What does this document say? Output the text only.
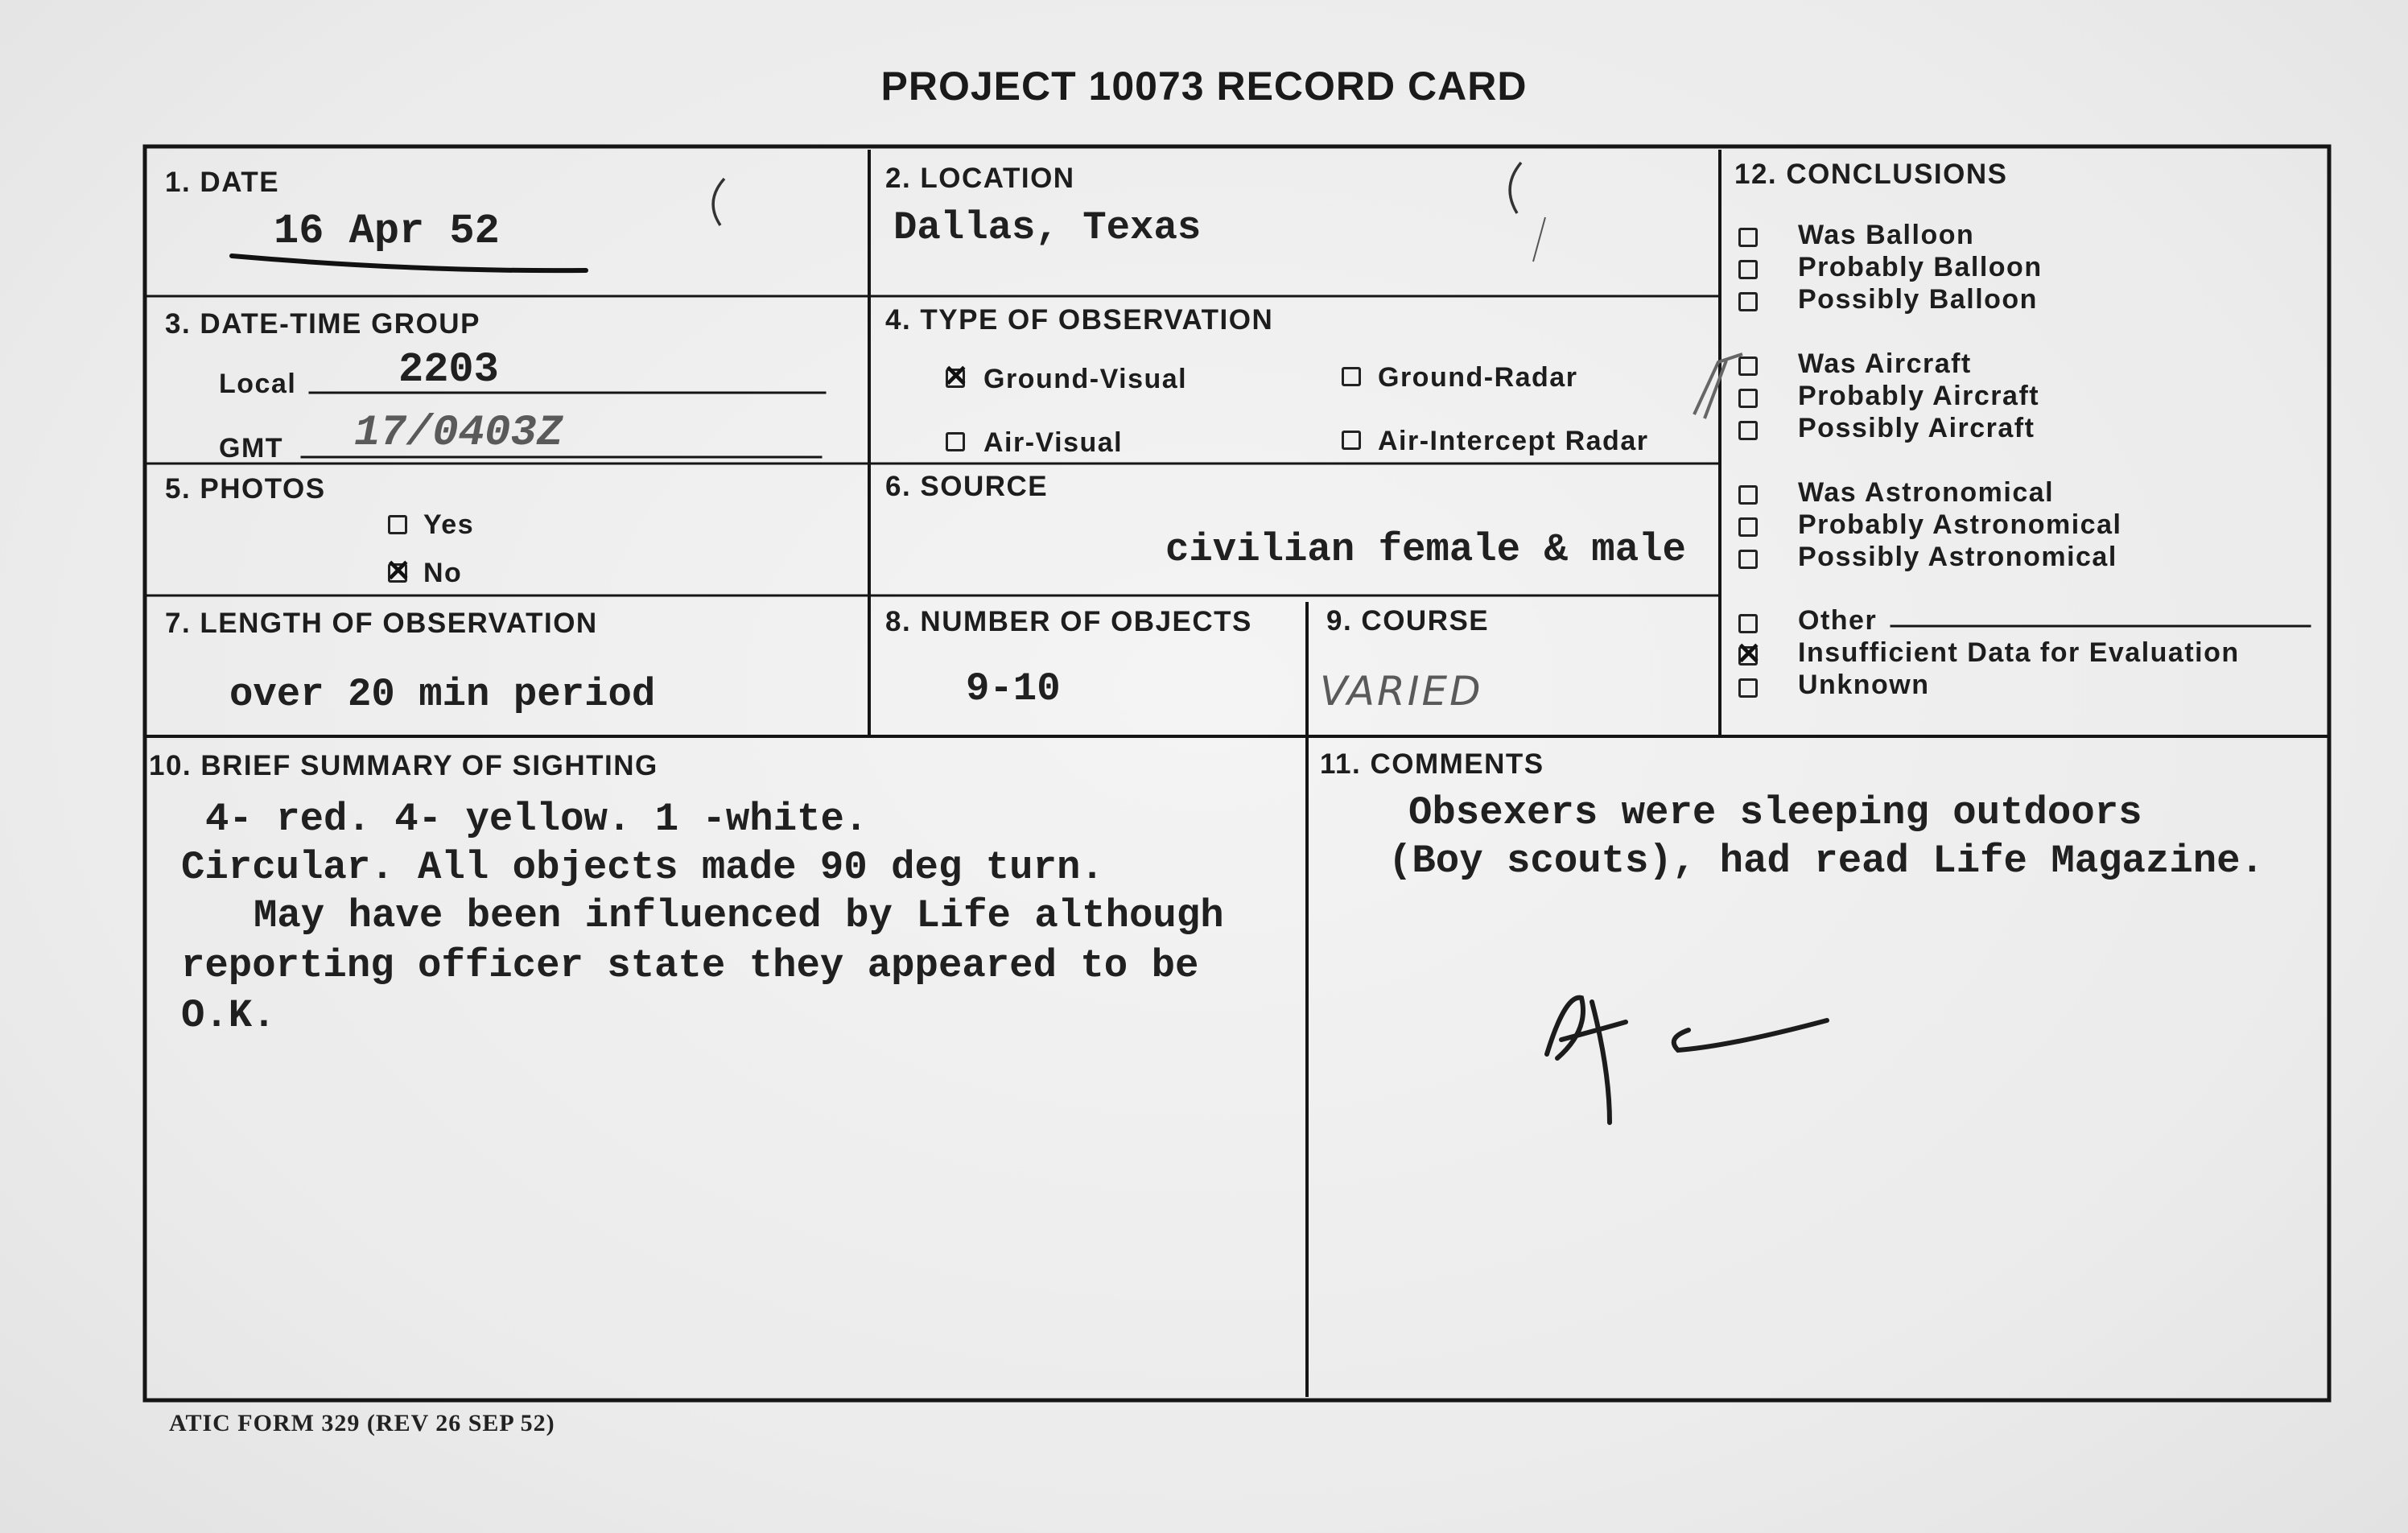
PROJECT 10073 RECORD CARD
1. DATE
16 Apr 52
2. LOCATION
Dallas, Texas
3. DATE-TIME GROUP
Local 2203
GMT 17/0403Z
4. TYPE OF OBSERVATION
×
Ground-Visual	Ground-Radar
Air-Visual	Air-Intercept Radar
5. PHOTOS
Yes
×
No
6. SOURCE
civilian female & male
7. LENGTH OF OBSERVATION
over 20 min period
8. NUMBER OF OBJECTS
9-10
9. COURSE
VARIED
10. BRIEF SUMMARY OF SIGHTING
4- red. 4- yellow. 1 -white.
Circular. All objects made 90 deg turn.
May have been influenced by Life although
reporting officer state they appeared to be
O.K.
11. COMMENTS
Obsexers were sleeping outdoors
(Boy scouts), had read Life Magazine.
12. CONCLUSIONS
Was Balloon
Probably Balloon
Possibly Balloon
Was Aircraft
Probably Aircraft
Possibly Aircraft
Was Astronomical
Probably Astronomical
Possibly Astronomical
Other
×
Insufficient Data for Evaluation
Unknown
ATIC FORM 329 (REV 26 SEP 52)
